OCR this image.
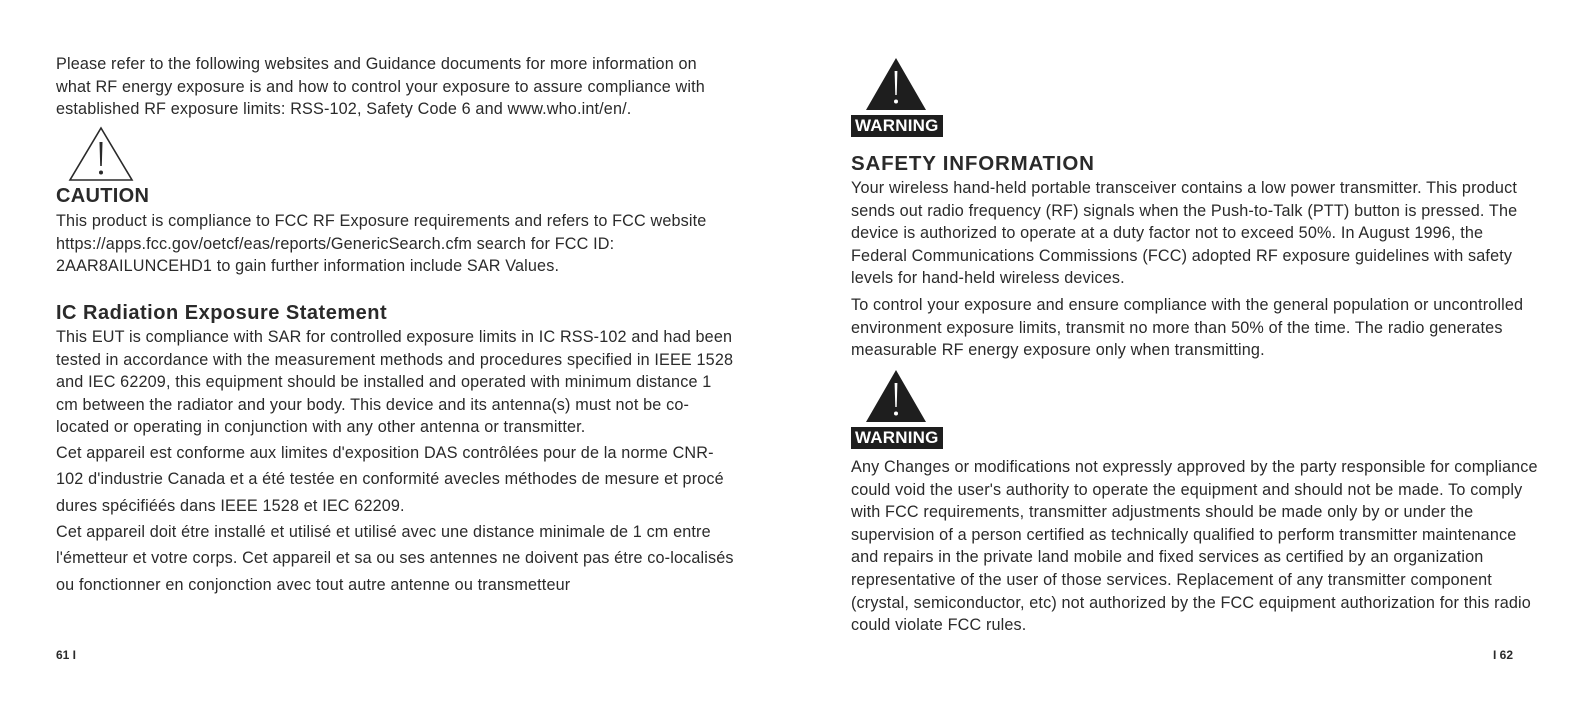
Please refer to the following websites and Guidance documents for more information on what RF energy exposure is and how to control your exposure to assure compliance with established RF exposure limits: RSS-102, Safety Code 6 and www.who.int/en/.

CAUTION

This product is compliance to FCC RF Exposure requirements and refers to FCC website https://apps.fcc.gov/oetcf/eas/reports/GenericSearch.cfm search for FCC ID: 2AAR8AILUNCEHD1 to gain further information include SAR Values.

IC Radiation Exposure Statement

This EUT is compliance with SAR for controlled exposure limits in IC RSS-102 and had been tested in accordance with the measurement methods and procedures specified in IEEE 1528 and IEC 62209, this equipment should be installed and operated with minimum distance 1 cm between the radiator and your body. This device and its antenna(s) must not be co-located or operating in conjunction with any other antenna or transmitter.

Cet appareil est conforme aux limites d'exposition DAS contrôlées pour de la norme CNR-102 d'industrie Canada et a été testée en conformité avecles méthodes de mesure et procé dures spécifiéés dans IEEE 1528 et IEC 62209.

Cet appareil doit étre installé et utilisé et utilisé avec une distance minimale de 1 cm entre l'émetteur et votre corps. Cet appareil et sa ou ses antennes ne doivent pas étre co-localisés ou fonctionner en conjonction avec tout autre antenne ou transmetteur

61 I
WARNING
SAFETY INFORMATION

Your wireless hand-held portable transceiver contains a low power transmitter. This product sends out radio frequency (RF) signals when the Push-to-Talk (PTT) button is pressed. The device is authorized to operate at a duty factor not to exceed 50%. In August 1996, the Federal Communications Commissions (FCC) adopted RF exposure guidelines with safety levels for hand-held wireless devices.

To control your exposure and ensure compliance with the general population or uncontrolled environment exposure limits, transmit no more than 50% of the time. The radio generates measurable RF energy exposure only when transmitting.

WARNING

Any Changes or modifications not expressly approved by the party responsible for compliance could void the user's authority to operate the equipment and should not be made. To comply with FCC requirements, transmitter adjustments should be made only by or under the supervision of a person certified as technically qualified to perform transmitter maintenance and repairs in the private land mobile and fixed services as certified by an organization representative of the user of those services. Replacement of any transmitter component (crystal, semiconductor, etc) not authorized by the FCC equipment authorization for this radio could violate FCC rules.

I 62
